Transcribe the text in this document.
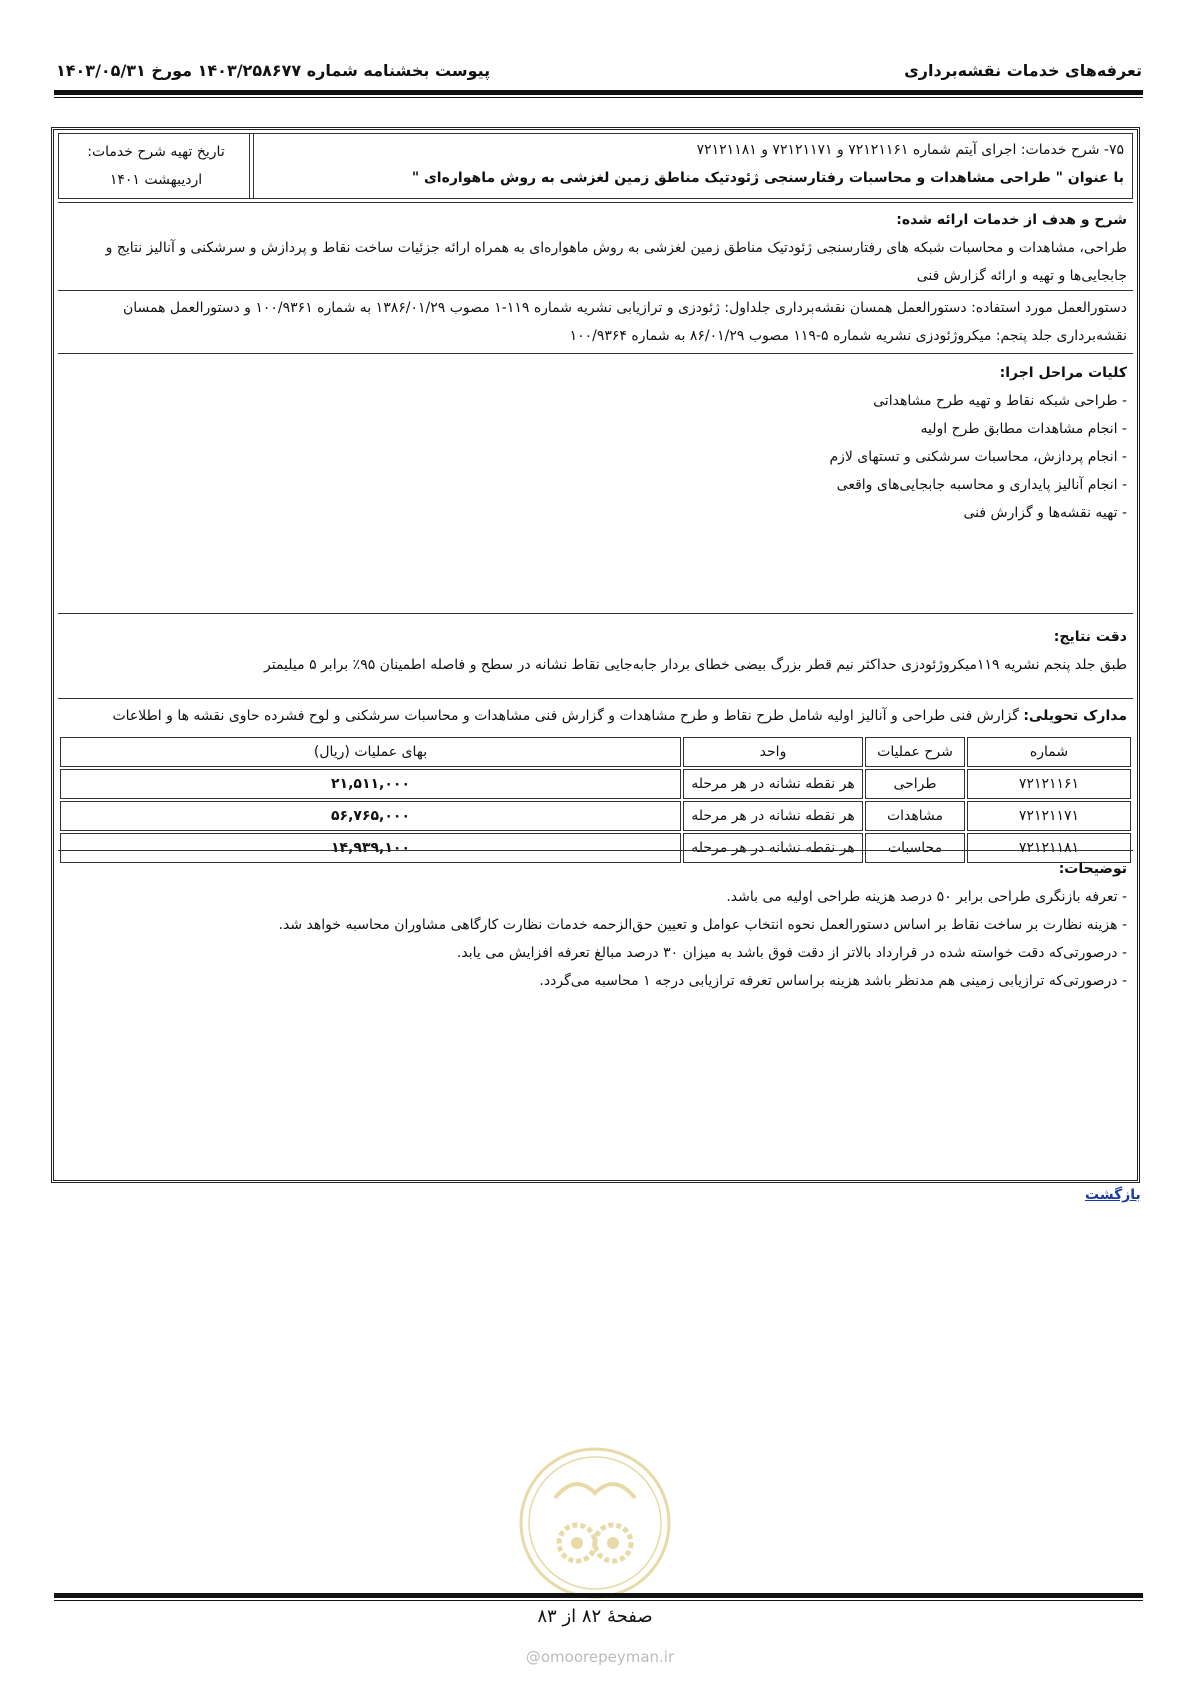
تعرفه‌های خدمات نقشه‌برداری
پیوست بخشنامه شماره ۱۴۰۳/۲۵۸۶۷۷ مورخ ۱۴۰۳/۰۵/۳۱
۷۵- شرح خدمات: اجرای آیتم شماره ۷۲۱۲۱۱۶۱ و ۷۲۱۲۱۱۷۱ و ۷۲۱۲۱۱۸۱
با عنوان " طراحی مشاهدات و محاسبات رفتارسنجی ژئودتیک مناطق زمین لغزشی به روش ماهواره‌ای "
تاریخ تهیه شرح خدمات:
اردیبهشت ۱۴۰۱
شرح و هدف از خدمات ارائه شده:
طراحی، مشاهدات و محاسبات شبکه های رفتارسنجی ژئودتیک مناطق زمین لغزشی به روش ماهواره‌ای به همراه ارائه جزئیات ساخت نقاط و پردازش و سرشکنی و آنالیز نتایج و
جابجایی‌ها و تهیه و ارائه گزارش فنی
دستورالعمل مورد استفاده: دستورالعمل همسان نقشه‌برداری جلداول: ژئودزی و ترازیابی نشریه شماره ۱۱۹-۱ مصوب ۱۳۸۶/۰۱/۲۹ به شماره ۱۰۰/۹۳۶۱ و دستورالعمل همسان
نقشه‌برداری جلد پنجم: میکروژئودزی نشریه شماره ۵-۱۱۹ مصوب ۸۶/۰۱/۲۹ به شماره ۱۰۰/۹۳۶۴
کلیات مراحل اجرا:
- طراحی شبکه نقاط و تهیه طرح مشاهداتی
- انجام مشاهدات مطابق طرح اولیه
- انجام پردازش، محاسبات سرشکنی و تستهای لازم
- انجام آنالیز پایداری و محاسبه جابجایی‌های واقعی
- تهیه نقشه‌ها و گزارش فنی
دقت نتایج:
طبق جلد پنجم نشریه ۱۱۹میکروژئودزی حداکثر نیم قطر بزرگ بیضی خطای بردار جابه‌جایی نقاط نشانه در سطح و فاصله اطمینان ۹۵٪ برابر ۵ میلیمتر
مدارک تحویلی: گزارش فنی طراحی و آنالیز اولیه شامل طرح نقاط و طرح مشاهدات و گزارش فنی مشاهدات و محاسبات سرشکنی و لوح فشرده حاوی نقشه ها و اطلاعات
شماره	شرح عملیات	واحد	بهای عملیات (ریال)
۷۲۱۲۱۱۶۱	طراحی	هر نقطه نشانه در هر مرحله	۲۱,۵۱۱,۰۰۰
۷۲۱۲۱۱۷۱	مشاهدات	هر نقطه نشانه در هر مرحله	۵۶,۷۶۵,۰۰۰
۷۲۱۲۱۱۸۱	محاسبات	هر نقطه نشانه در هر مرحله	۱۴,۹۳۹,۱۰۰
توضیحات:
- تعرفه بازنگری طراحی برابر ۵۰ درصد هزینه طراحی اولیه می باشد.
- هزینه نظارت بر ساخت نقاط بر اساس دستورالعمل نحوه انتخاب عوامل و تعیین حق‌الزحمه خدمات نظارت کارگاهی مشاوران محاسبه خواهد شد.
- درصورتی‌که دقت خواسته شده در قرارداد بالاتر از دقت فوق باشد به میزان ۳۰ درصد مبالغ تعرفه افزایش می یابد.
- درصورتی‌که ترازیابی زمینی هم مدنظر باشد هزینه براساس تعرفه ترازیابی درجه ۱ محاسبه می‌گردد.
بازگشت
صفحهٔ ۸۲ از ۸۳
@omoorepeyman.ir
